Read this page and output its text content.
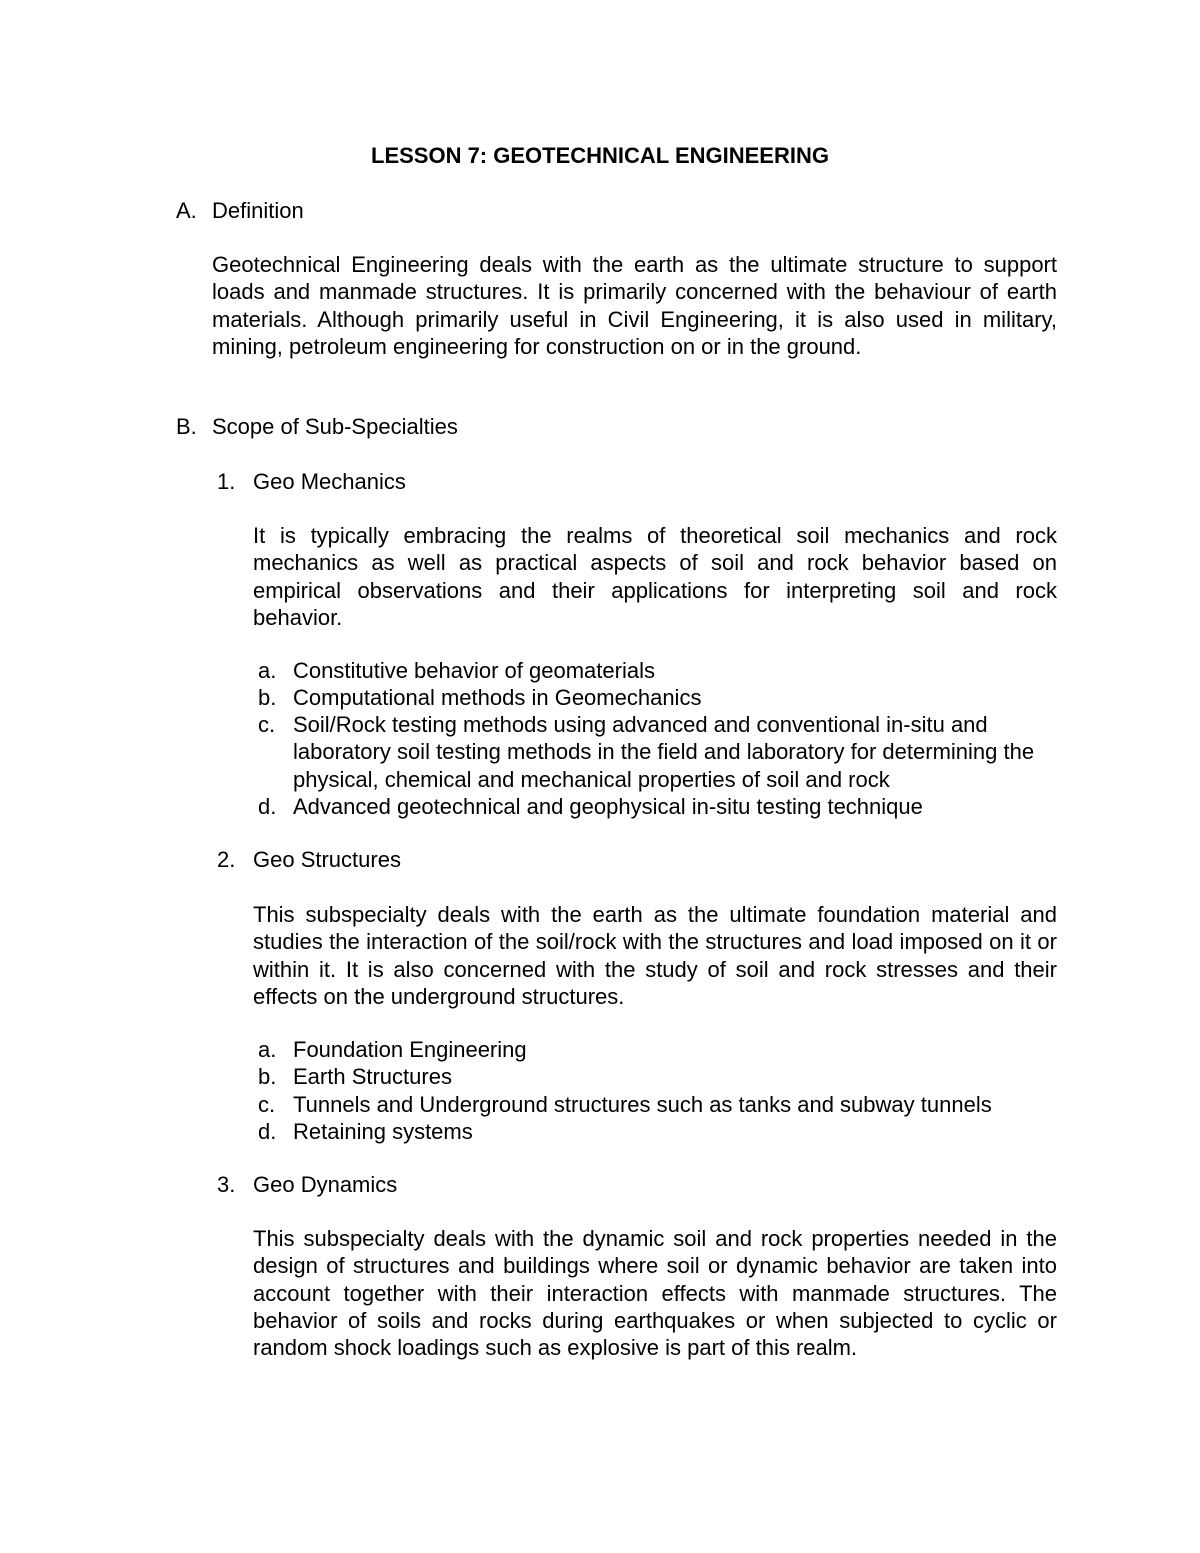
LESSON 7: GEOTECHNICAL ENGINEERING
A. Definition
Geotechnical Engineering deals with the earth as the ultimate structure to support loads and manmade structures. It is primarily concerned with the behaviour of earth materials. Although primarily useful in Civil Engineering, it is also used in military, mining, petroleum engineering for construction on or in the ground.
B. Scope of Sub-Specialties
1. Geo Mechanics
It is typically embracing the realms of theoretical soil mechanics and rock mechanics as well as practical aspects of soil and rock behavior based on empirical observations and their applications for interpreting soil and rock behavior.
a. Constitutive behavior of geomaterials
b. Computational methods in Geomechanics
c. Soil/Rock testing methods using advanced and conventional in-situ and laboratory soil testing methods in the field and laboratory for determining the physical, chemical and mechanical properties of soil and rock
d. Advanced geotechnical and geophysical in-situ testing technique
2. Geo Structures
This subspecialty deals with the earth as the ultimate foundation material and studies the interaction of the soil/rock with the structures and load imposed on it or within it. It is also concerned with the study of soil and rock stresses and their effects on the underground structures.
a. Foundation Engineering
b. Earth Structures
c. Tunnels and Underground structures such as tanks and subway tunnels
d. Retaining systems
3. Geo Dynamics
This subspecialty deals with the dynamic soil and rock properties needed in the design of structures and buildings where soil or dynamic behavior are taken into account together with their interaction effects with manmade structures. The behavior of soils and rocks during earthquakes or when subjected to cyclic or random shock loadings such as explosive is part of this realm.
